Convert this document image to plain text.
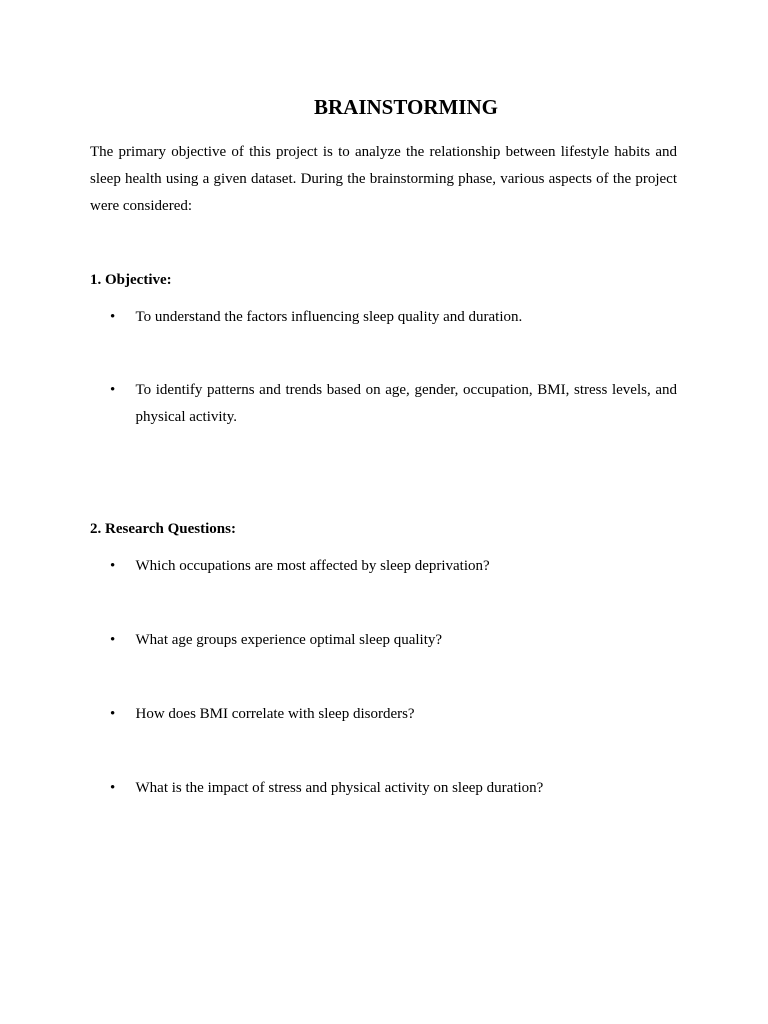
BRAINSTORMING

The primary objective of this project is to analyze the relationship between lifestyle habits and sleep health using a given dataset. During the brainstorming phase, various aspects of the project were considered:

1. Objective:
•	To understand the factors influencing sleep quality and duration.
•	To identify patterns and trends based on age, gender, occupation, BMI, stress levels, and physical activity.
2. Research Questions:
•	Which occupations are most affected by sleep deprivation?
•	What age groups experience optimal sleep quality?
•	How does BMI correlate with sleep disorders?
•	What is the impact of stress and physical activity on sleep duration?
